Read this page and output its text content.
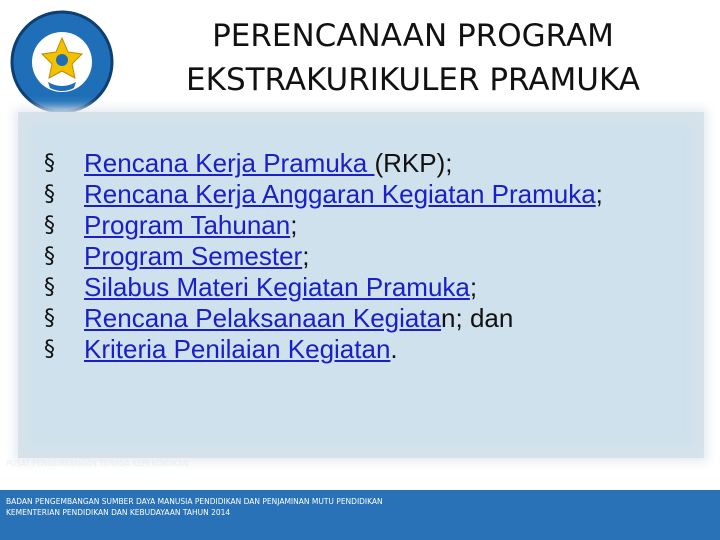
PERENCANAAN PROGRAM
EKSTRAKURIKULER PRAMUKA
§	Rencana Kerja Pramuka (RKP);
§	Rencana Kerja Anggaran Kegiatan Pramuka;
§	Program Tahunan;
§	Program Semester;
§	Silabus Materi Kegiatan Pramuka;
§	Rencana Pelaksanaan Kegiatan; dan
§	Kriteria Penilaian Kegiatan.
PUSAT PENGEMBANGAN TENAGA KEPENDIDIKAN
BADAN PENGEMBANGAN SUMBER DAYA MANUSIA PENDIDIKAN DAN PENJAMINAN MUTU PENDIDIKAN
KEMENTERIAN PENDIDIKAN DAN KEBUDAYAAN TAHUN 2014
